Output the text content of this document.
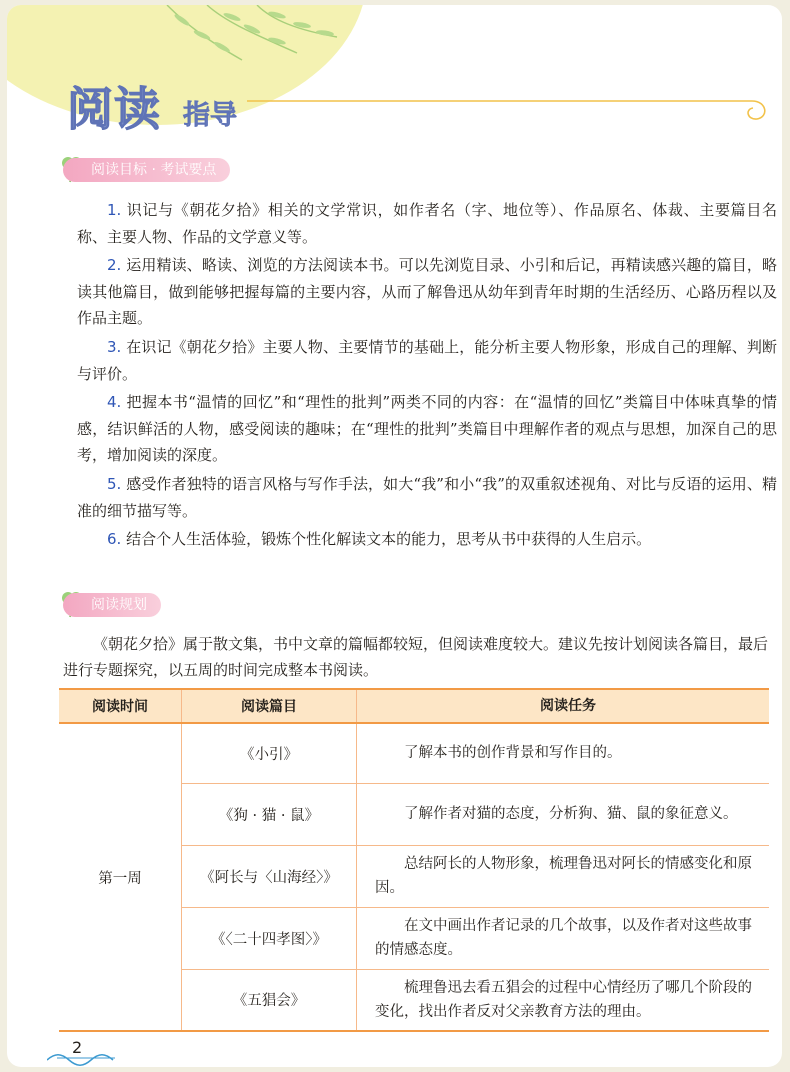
阅读 指导
阅读目标 · 考试要点

1. 识记与《朝花夕拾》相关的文学常识，如作者名（字、地位等）、作品原名、体裁、主要篇目名称、主要人物、作品的文学意义等。

2. 运用精读、略读、浏览的方法阅读本书。可以先浏览目录、小引和后记，再精读感兴趣的篇目，略读其他篇目，做到能够把握每篇的主要内容，从而了解鲁迅从幼年到青年时期的生活经历、心路历程以及作品主题。

3. 在识记《朝花夕拾》主要人物、主要情节的基础上，能分析主要人物形象，形成自己的理解、判断与评价。

4. 把握本书“温情的回忆”和“理性的批判”两类不同的内容：在“温情的回忆”类篇目中体味真挚的情感，结识鲜活的人物，感受阅读的趣味；在“理性的批判”类篇目中理解作者的观点与思想，加深自己的思考，增加阅读的深度。

5. 感受作者独特的语言风格与写作手法，如大“我”和小“我”的双重叙述视角、对比与反语的运用、精准的细节描写等。

6. 结合个人生活体验，锻炼个性化解读文本的能力，思考从书中获得的人生启示。

阅读规划

《朝花夕拾》属于散文集，书中文章的篇幅都较短，但阅读难度较大。建议先按计划阅读各篇目，最后进行专题探究，以五周的时间完成整本书阅读。

阅读时间	阅读篇目	阅读任务
第一周	《小引》	了解本书的创作背景和写作目的。

	《狗 · 猫 · 鼠》	了解作者对猫的态度，分析狗、猫、鼠的象征意义。

	《阿长与〈山海经〉》	总结阿长的人物形象，梳理鲁迅对阿长的情感变化和原因。

	《〈二十四孝图〉》	在文中画出作者记录的几个故事，以及作者对这些故事的情感态度。

	《五猖会》	梳理鲁迅去看五猖会的过程中心情经历了哪几个阶段的变化，找出作者反对父亲教育方法的理由。
2
